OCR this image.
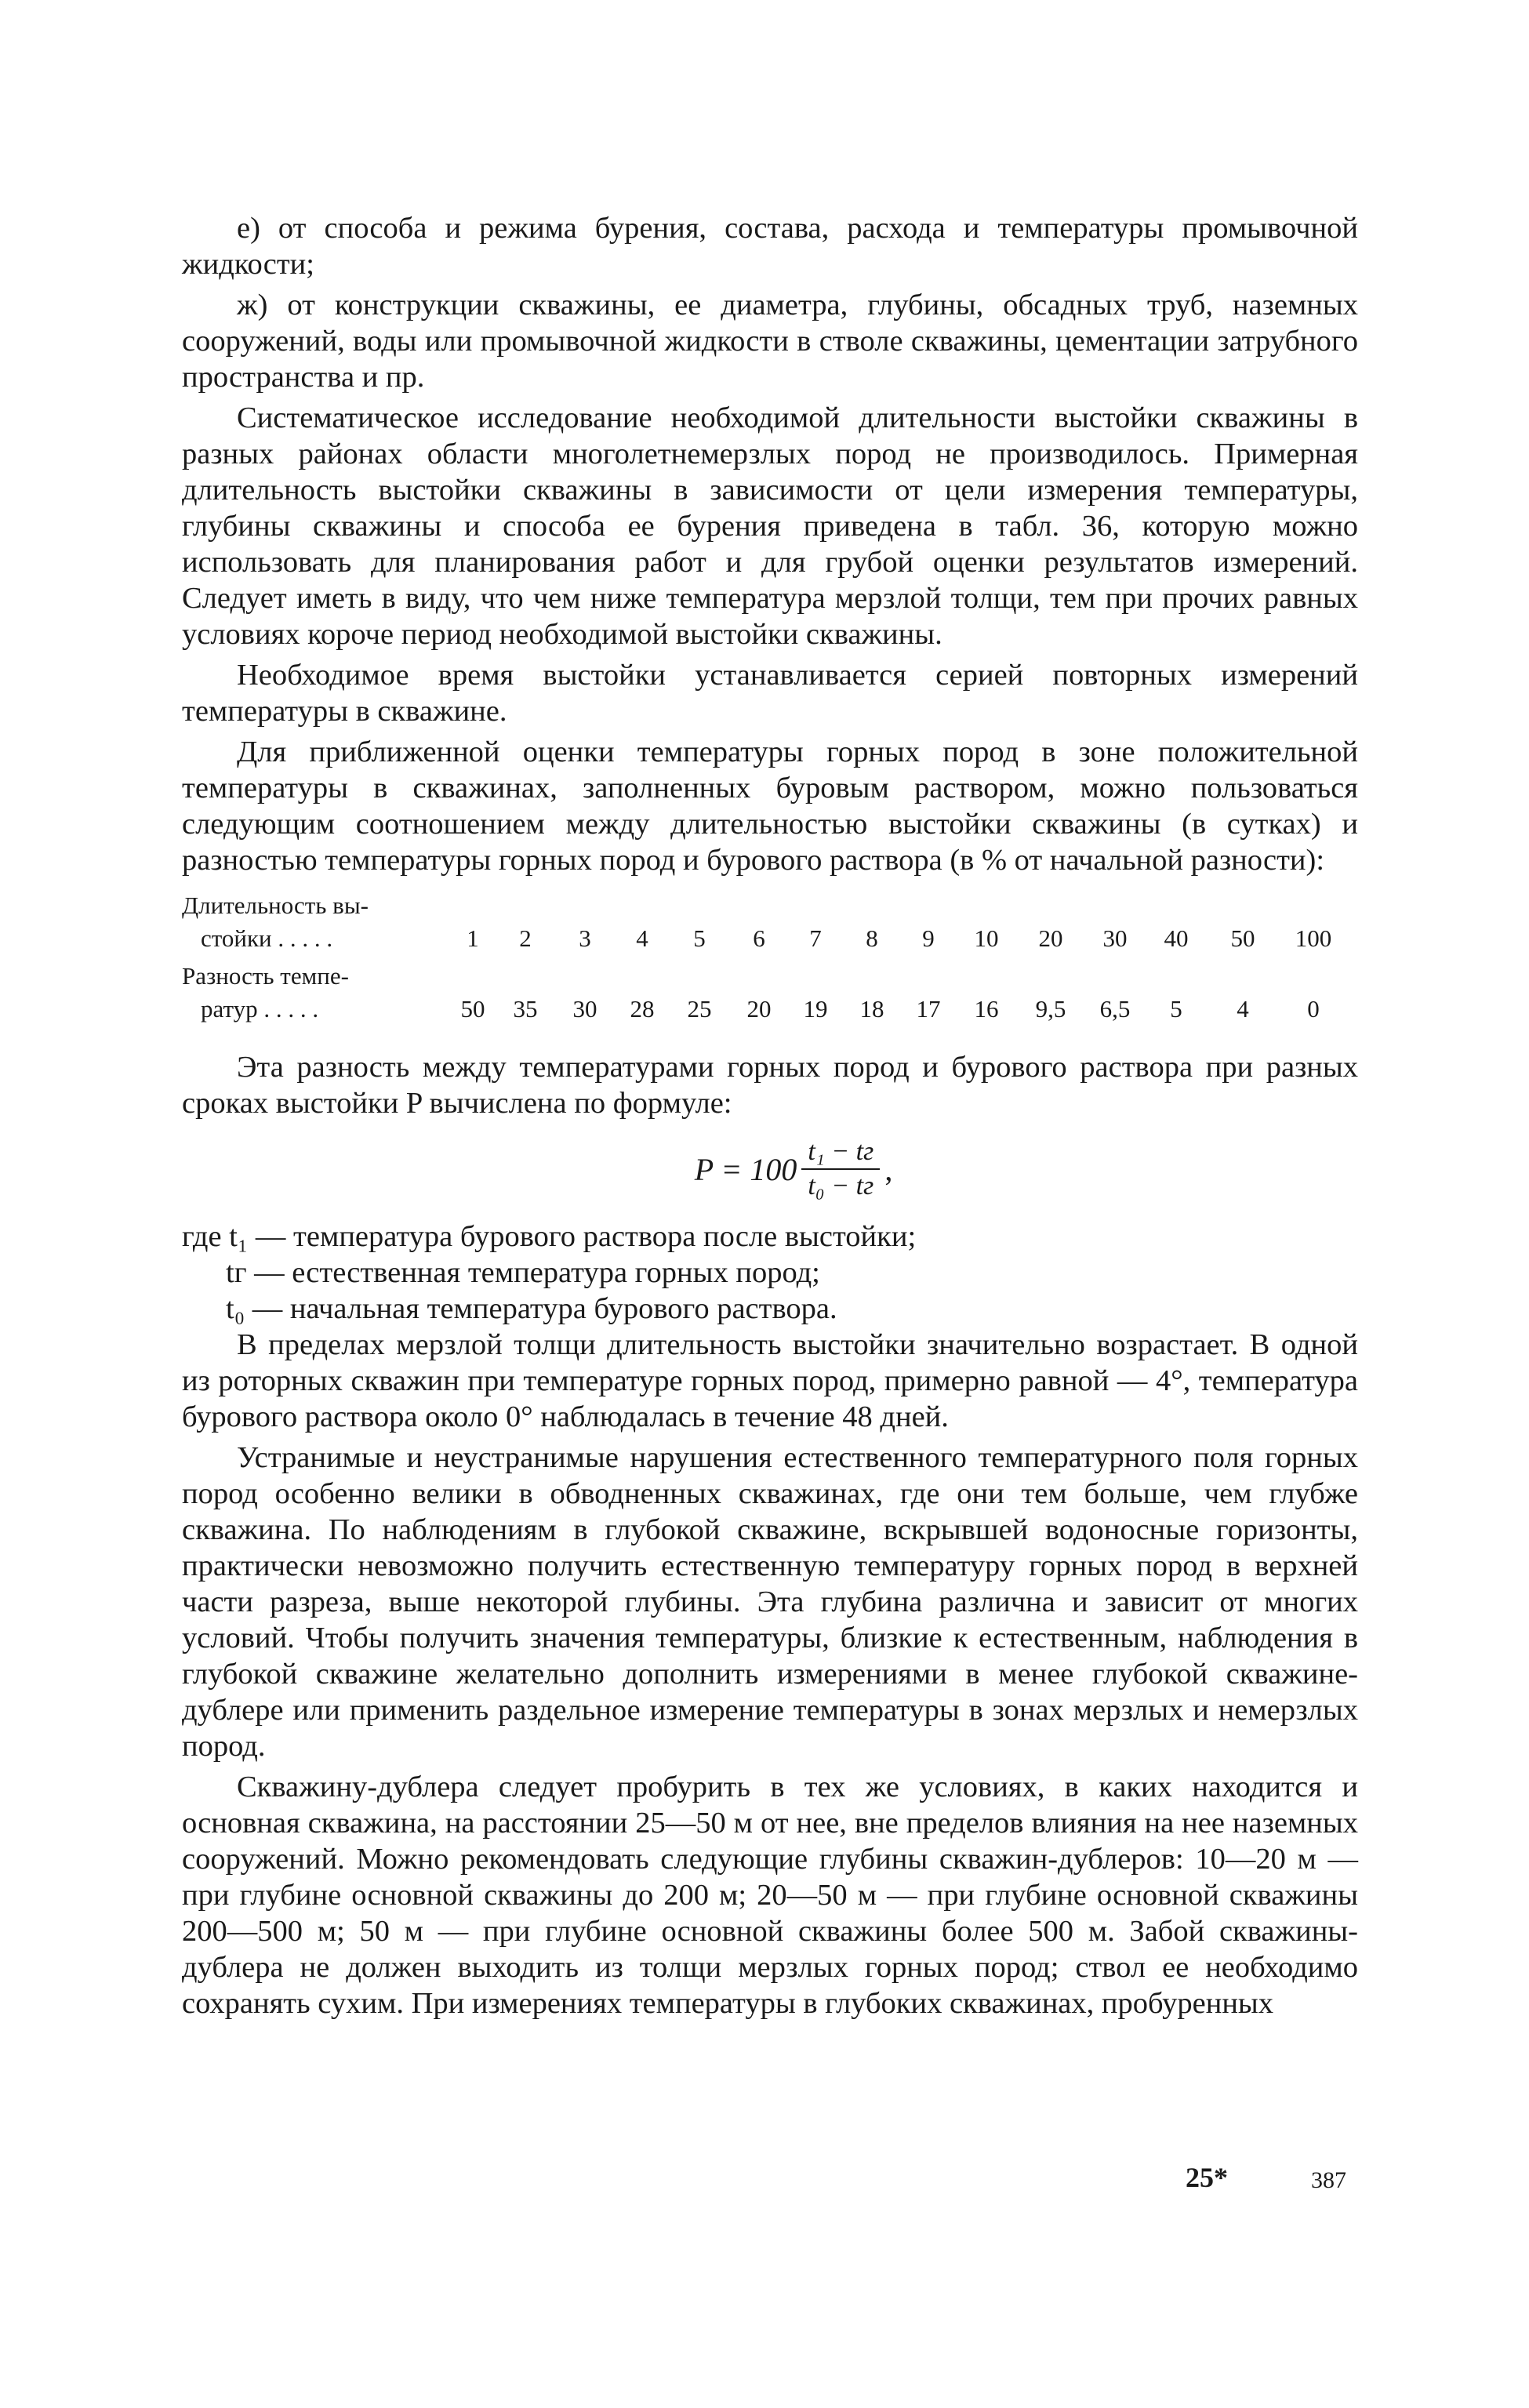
е) от способа и режима бурения, состава, расхода и температуры промывочной жидкости;

ж) от конструкции скважины, ее диаметра, глубины, обсадных труб, наземных сооружений, воды или промывочной жидкости в стволе скважины, цементации затрубного пространства и пр.

Систематическое исследование необходимой длительности выстойки скважины в разных районах области многолетнемерзлых пород не производилось. Примерная длительность выстойки скважины в зависимости от цели измерения температуры, глубины скважины и способа ее бурения приведена в табл. 36, которую можно использовать для планирования работ и для грубой оценки результатов измерений. Следует иметь в виду, что чем ниже температура мерзлой толщи, тем при прочих равных условиях короче период необходимой выстойки скважины.

Необходимое время выстойки устанавливается серией повторных измерений температуры в скважине.

Для приближенной оценки температуры горных пород в зоне положительной температуры в скважинах, заполненных буровым раствором, можно пользоваться следующим соотношением между длительностью выстойки скважины (в сутках) и разностью температуры горных пород и бурового раствора (в % от начальной разности):

Длительность вы-
стойки . . . . .	1	2	3	4	5	6	7	8	9	10	20	30	40	50	100
Разность темпе-
ратур . . . . .	50	35	30	28	25	20	19	18	17	16	9,5	6,5	5	4	0

Эта разность между температурами горных пород и бурового раствора при разных сроках выстойки P вычислена по формуле:

$P = 100 \frac{\text{t₁ − tг}}{\text{t₀ − tг}}$ ,
где t₁ — температура бурового раствора после выстойки;
tг — естественная температура горных пород;
t₀ — начальная температура бурового раствора.

В пределах мерзлой толщи длительность выстойки значительно возрастает. В одной из роторных скважин при температуре горных пород, примерно равной — 4°, температура бурового раствора около 0° наблюдалась в течение 48 дней.

Устранимые и неустранимые нарушения естественного температурного поля горных пород особенно велики в обводненных скважинах, где они тем больше, чем глубже скважина. По наблюдениям в глубокой скважине, вскрывшей водоносные горизонты, практически невозможно получить естественную температуру горных пород в верхней части разреза, выше некоторой глубины. Эта глубина различна и зависит от многих условий. Чтобы получить значения температуры, близкие к естественным, наблюдения в глубокой скважине желательно дополнить измерениями в менее глубокой скважине-дублере или применить раздельное измерение температуры в зонах мерзлых и немерзлых пород.

Скважину-дублера следует пробурить в тех же условиях, в каких находится и основная скважина, на расстоянии 25—50 м от нее, вне пределов влияния на нее наземных сооружений. Можно рекомендовать следующие глубины скважин-дублеров: 10—20 м — при глубине основной скважины до 200 м; 20—50 м — при глубине основной скважины 200—500 м; 50 м — при глубине основной скважины более 500 м. Забой скважины-дублера не должен выходить из толщи мерзлых горных пород; ствол ее необходимо сохранять сухим. При измерениях температуры в глубоких скважинах, пробуренных

25*	387
